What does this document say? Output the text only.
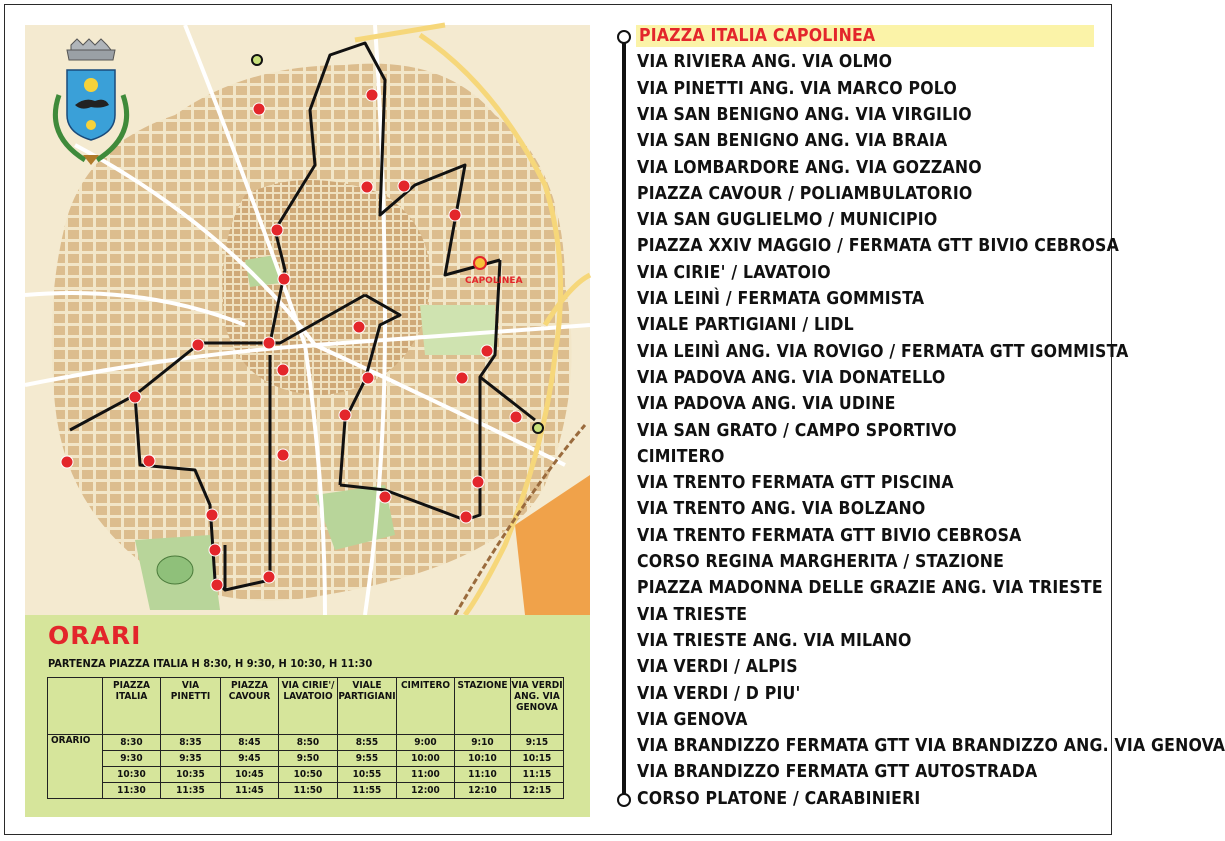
CAPOLINEA
ORARI
PARTENZA PIAZZA ITALIA H 8:30, H 9:30, H 10:30, H 11:30
	PIAZZA ITALIA	VIA PINETTI	PIAZZA CAVOUR	VIA CIRIE'/ LAVATOIO	VIALE PARTIGIANI	CIMITERO	STAZIONE	VIA VERDI ANG. VIA GENOVA
ORARIO	8:30	8:35	8:45	8:50	8:55	9:00	9:10	9:15
	9:30	9:35	9:45	9:50	9:55	10:00	10:10	10:15
	10:30	10:35	10:45	10:50	10:55	11:00	11:10	11:15
	11:30	11:35	11:45	11:50	11:55	12:00	12:10	12:15
PIAZZA ITALIA CAPOLINEA
VIA RIVIERA ANG. VIA OLMO
VIA PINETTI ANG. VIA MARCO POLO
VIA SAN BENIGNO ANG. VIA VIRGILIO
VIA SAN BENIGNO ANG. VIA BRAIA
VIA LOMBARDORE ANG. VIA GOZZANO
PIAZZA CAVOUR / POLIAMBULATORIO
VIA SAN GUGLIELMO / MUNICIPIO
PIAZZA XXIV MAGGIO / FERMATA GTT BIVIO CEBROSA
VIA CIRIE' / LAVATOIO
VIA LEINÌ / FERMATA GOMMISTA
VIALE PARTIGIANI / LIDL
VIA LEINÌ ANG. VIA ROVIGO / FERMATA GTT GOMMISTA
VIA PADOVA ANG. VIA DONATELLO
VIA PADOVA ANG. VIA UDINE
VIA SAN GRATO / CAMPO SPORTIVO
CIMITERO
VIA TRENTO FERMATA GTT PISCINA
VIA TRENTO ANG. VIA BOLZANO
VIA TRENTO FERMATA GTT BIVIO CEBROSA
CORSO REGINA MARGHERITA / STAZIONE
PIAZZA MADONNA DELLE GRAZIE ANG. VIA TRIESTE
VIA TRIESTE
VIA TRIESTE ANG. VIA MILANO
VIA VERDI / ALPIS
VIA VERDI / D PIU'
VIA GENOVA
VIA BRANDIZZO FERMATA GTT VIA BRANDIZZO ANG. VIA GENOVA
VIA BRANDIZZO FERMATA GTT AUTOSTRADA
CORSO PLATONE / CARABINIERI
